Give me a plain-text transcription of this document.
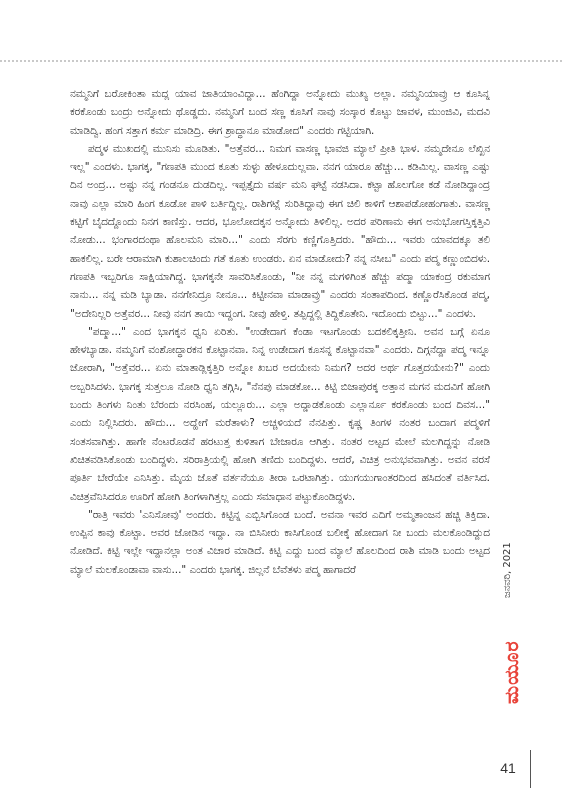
ನಮ್ಮನಿಗೆ ಬರೋಕಿಂತಾ ಮದ್ಲ ಯಾವ ಜಾತಿಯಾಂವಿದ್ದಾ... ಹೆಂಗಿದ್ದಾ ಅನ್ನೋದು ಮುಖ್ಯ ಅಲ್ಲಾ. ನಮ್ಮನಿಯಾವ್ರು ಆ ಕೂಸಿನ್ನ ಕರಕೊಂಡು ಬಂದ್ರು ಅನ್ನೋದು ಥೊಡ್ಡದು. ನಮ್ಮನಿಗೆ ಬಂದ ಸಣ್ಣ ಕೂಸಿಗೆ ನಾವು ಸಂಸ್ಕಾರ ಕೊಟ್ಟು ಜಾವಳ, ಮುಂಜಿವಿ, ಮದವಿ ಮಾಡಿದ್ವಿ. ಹಂಗ ಸತ್ತಾಗ ಕರ್ಮ ಮಾಡಿದ್ರಿ. ಈಗ ಶ್ರಾದ್ಧಾನೂ ಮಾಡೋದ" ಎಂದರು ಗಟ್ಟಿಯಾಗಿ.

ಪದ್ಮಳ ಮುಖದಲ್ಲಿ ಮುನಿಸು ಮೂಡಿತು. "ಅತ್ತೆವರ... ನಿಮಗ ವಾಸಣ್ಣ ಭಾವಜಿ ಮ್ಯಾಲೆ ಪ್ರೀತಿ ಭಾಳ. ನಮ್ಮದೇನೂ ಲೆಖ್ಖಿನ ಇಲ್ಲ" ಎಂದಳು. ಭಾಗಕ್ಕ, "ಗಣಪತಿ ಮುಂದ ಕೂತು ಸುಳ್ಳು ಹೇಳೂದುಲ್ಲವಾ. ನನಗ ಯಾರೂ ಹೆಚ್ಚು... ಕಡಿಮಿಲ್ಲ. ವಾಸಣ್ಣ ಎಷ್ಟು ದಿನ ಅಂದ್ರ... ಅಷ್ಟು ನನ್ನ ಗಂಡನೂ ದುಡದಿಲ್ಲ. ಇಪ್ಪತ್ತೈದು ವರ್ಷ ಮನಿ ಘಟ್ಟೆ ನಡಸಿದಾ. ಕಟ್ಟಾ ಹೊಲಗೋ ಕಡೆ ನೋಡಿದ್ದಾಂದ್ರ ನಾವು ಎಲ್ಲಾ ಮಾರಿ ಹಿಂಗ ಕೂಡೋ ಪಾಳಿ ಬರ್ತಿದ್ದಿಲ್ಲ. ರಾಶಿಗಟ್ಲೆ ಸುರಿತಿದ್ದಾವು ಈಗ ಚಿಲಿ ಕಾಳಿಗೆ ಆಶಾಪಡೋಹಂಗಾತು. ವಾಸಣ್ಣ ಕಟ್ಟಿಗೆ ಬೈದದ್ದೊಂದು ನಿನಗ ಕಾಣಿಸ್ತು. ಆದರ, ಭೂಲೋದಕ್ಕನ ಅನ್ನೋದು ತಿಳಿಲಿಲ್ಲ. ಅದರ ಪರಿಣಾಮ ಈಗ ಅನುಭೋಗಸ್ತಿಕ್ಕತ್ತಿವಿ ನೋಡು... ಭಂಗಾರದಂಥಾ ಹೊಲಮನಿ ಮಾರಿ..." ಎಂದು ಸೆರಗು ಕಣ್ಣಿಗೊತ್ತಿದರು. "ಹೌದು... ಇವರು ಯಾವದಕ್ಕೂ ತಲಿ ಹಾಕಲಿಲ್ಲ. ಬರೇ ಆರಾಮಾಗಿ ಕುಶಾಲಚಿಂದು ಗತೆ ಕೂತು ಉಂಡರು. ಏನ ಮಾಡೋದು? ನನ್ನ ನಸೀಬ" ಎಂದು ಪದ್ಮ ಕಣ್ಣುಂಬಿದಳು. ಗಣಪತಿ ಇಬ್ಬರಿಗೂ ಸಾಕ್ಷಿಯಾಗಿದ್ದ. ಭಾಗಕ್ಕನೇ ಸಾವರಿಸಿಕೊಂಡು, "ನೀ ನನ್ನ ಮಗಳಿಗಿಂತ ಹೆಚ್ಚು ಪದ್ಮಾ ಯಾಕಂದ್ರ ರಕುಮಾಗ ನಾನು... ನನ್ನ ಮಡಿ ಬ್ಯಾಡಾ. ನನಗೇನಿದ್ರೂ ನೀನೂ... ಕಿಟ್ಟೀನವಾ ಮಾಡಾವ್ರು" ಎಂದರು ಸಂತಾಪದಿಂದ. ಕಣ್ಣೊರೆಸಿಕೊಂಡ ಪದ್ಮ, "ಅದೇನಿಲ್ಲರಿ ಅತ್ತೆವರ... ನೀವು ನನಗ ತಾಯಿ ಇದ್ದಂಗ. ನೀವು ಹೇಳ್ತಿ. ತಪ್ಪಿದ್ದಲ್ಲಿ ತಿದ್ದಿಕೊತೇನಿ. ಇದೊಂದು ಬಿಟ್ಟು..." ಎಂದಳು.

"ಪದ್ಮಾ..." ಎಂದ ಭಾಗಕ್ಕನ ಧ್ವನಿ ಏರಿತು. "ಉಡೇದಾಗ ಕೆಂಡಾ ಇಟಗೊಂಡು ಬದಕಲಿಕ್ಕತ್ತೀನಿ. ಅವನ ಬಗ್ಗೆ ಏನೂ ಹೇಳಬ್ಯಾಡಾ. ನಮ್ಮನಿಗೆ ವಂಶೋದ್ಧಾರಕನ ಕೊಟ್ಟಾನವಾ. ನಿನ್ನ ಉಡೇದಾಗ ಕೂಸನ್ನ ಕೊಟ್ಟಾನವಾ" ಎಂದರು. ದಿಗ್ಗನೆದ್ದಾ ಪದ್ಮ ಇನ್ನೂ ಜೋರಾಗಿ, "ಅತ್ತೆವರ... ಏನು ಮಾತಾಡ್ಲಿಕ್ಕತ್ತಿರಿ ಅನ್ನೋ ಖಬರ ಅದಯೇನು ನಿಮಗ? ಅದರ ಅರ್ಥ ಗೊತ್ತದಯೇನು?" ಎಂದು ಅಬ್ಬರಿಸಿದಳು. ಭಾಗಕ್ಕ ಸುತ್ತಲೂ ನೋಡಿ ಧ್ವನಿ ತಗ್ಗಿಸಿ, "ನೆನಪು ಮಾಡಕೋ... ಕಿಟ್ಟಿ ಬಿಜಾಪುರಕ್ಕ ಅತ್ತಾನ ಮಗನ ಮದವಿಗೆ ಹೋಗಿ ಬಂದು ತಿಂಗಳು ನಿಂತು ಬೆರಂದು ನರಸಿಂಹ, ಯಲ್ಲೂರು... ಎಲ್ಲಾ ಅದ್ಡಾಡಕೊಂಡು ಎಲ್ಲಾರ್ನೂ ಕರಕೊಂಡು ಬಂದ ದಿವಸ..." ಎಂದು ನಿಲ್ಲಿಸಿದರು. ಹೌದು... ಅದ್ಹೇಗೆ ಮರೆತಾಳು? ಅಚ್ಚಳಿಯದೆ ನೆನಪಿತ್ತು. ಕೃಷ್ಣ ತಿಂಗಳ ನಂತರ ಬಂದಾಗ ಪದ್ಮಳಿಗೆ ಸಂತಸವಾಗಿತ್ತು. ಹಾಗೇ ನೆಂಟರೊಡನೆ ಹರಟುತ್ತ ಕುಳಿತಾಗ ಬೇಜಾರೂ ಆಗಿತ್ತು. ನಂತರ ಅಟ್ಟದ ಮೇಲೆ ಮಲಗಿದ್ದನ್ನು ನೋಡಿ ಖಿಚಿತವಡಿಸಿಕೊಂಡು ಬಂದಿದ್ದಳು. ಸರಿರಾತ್ರಿಯಲ್ಲಿ ಹೋಗಿ ತಣಿದು ಬಂದಿದ್ದಳು. ಆದರೆ, ವಿಚಿತ್ರ ಅನುಭವವಾಗಿತ್ತು. ಅವನ ವರಸೆ ಪೂರ್ತಿ ಬೇರೆಯೇ ಎನಿಸಿತ್ತು. ಮೈಯ ಜೊತೆ ವರ್ತನೆಯೂ ತೀರಾ ಒರಟಾಗಿತ್ತು. ಯುಗಯುಗಾಂತರದಿಂದ ಹಸಿದಂತೆ ವರ್ತಿಸಿದ. ವಿಚಿತ್ರವೆನಿಸಿದರೂ ಊರಿಗೆ ಹೋಗಿ ತಿಂಗಳಾಗಿತ್ತಲ್ಲ ಎಂದು ಸಮಾಧಾನ ಪಟ್ಟುಕೊಂಡಿದ್ದಳು.

"ರಾತ್ರಿ ಇವರು 'ಎನಿಸೋವು' ಅಂದರು. ಕಿಟ್ಟಿನ್ನ ಎಬ್ಬಿಸಿಗೊಂಡ ಬಂದೆ. ಅವನಾ ಇವರ ಎದಿಗೆ ಅಮ್ಮತಾಂಜನ ಹಚ್ಚಿ ತಿಕ್ತಿದಾ. ಉಪ್ಪಿನ ಕಾವು ಕೊಟ್ಟಾ. ಅವರ ಜೋಡಿನ ಇದ್ದಾ. ನಾ ಬಿಸಿನೀರು ಕಾಸಿಗೊಂಡ ಬಲೀಕ್ಕೆ ಹೋದಾಗ ನೀ ಬಂದು ಮಲಕೊಂಡಿದ್ದುದ ನೋಡಿದೆ. ಕಿಟ್ಟಿ ಇಲ್ಲೇ ಇದ್ದಾನಲ್ಲಾ ಅಂತ ವಿಚಾರ ಮಾಡಿದೆ. ಕಿಟ್ಟಿ ಎದ್ದು ಬಂದ ಮ್ಯಾಲೆ ಹೊಲದಿಂದ ರಾಶಿ ಮಾಡಿ ಬಂದು ಅಟ್ಟದ ಮ್ಯಾಲೆ ಮಲಕೊಂಡಾವಾ ವಾಸು..." ಎಂದರು ಭಾಗಕ್ಕ. ಜಿಲ್ಲನೆ ಬೆವೆತಳು ಪದ್ಮ ಹಾಗಾದರೆ	ಜನವರಿ, 2021
ಮಯೂರ
41
